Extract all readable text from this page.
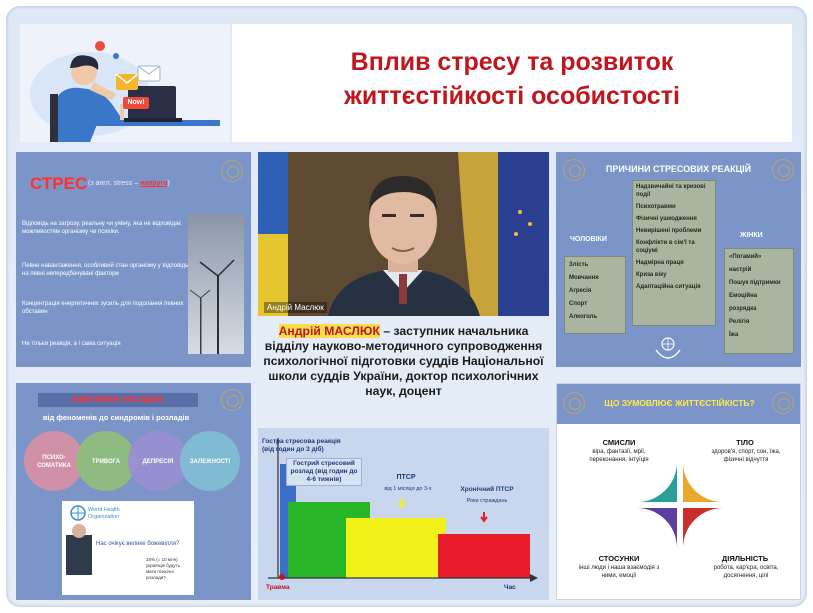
Now!
Вплив стресу та розвиток
життєстійкості особистості
СТРЕС (з англ. stress – напруга)
Відповідь на загрозу, реальну чи уявну, яка не відповідає можливостям організму чи психіки.
Певне навантаження, особливий стан організму у відповідь на певні непередбачувані фактори
Концентрація енергетичних зусиль для подолання певних обставин
Не тільки реакція, а і сама ситуація
Андрій Маслюк

Андрій МАСЛЮК – заступник начальника відділу науково-методичного супроводження психологічної підготовки суддів Національної школи суддів України, доктор психологічних наук, доцент

ПРИЧИНИ СТРЕСОВИХ РЕАКЦІЙ
Надзвичайні та кризові події
Психотравми
Фізичні ушкодження
Невирішені проблеми
Конфлікти в сім'ї та соціумі
Надмірна праця
Криза віку
Адаптаційна ситуація
ЧОЛОВІКИ
Злість
Мовчання
Агресія
Спорт
Алкоголь
ЖІНКИ
«Погамий»
настрій
Пошук підтримки
Емоційна
розрядка
Релігія
Їжа
АФЕКТИВНІ НАСЛІДКИ:
від феноменів до синдромів і розладів
ПСИХО-
СОМАТИКА
ТРИВОГА	ДЕПРЕСІЯ	ЗАЛЕЖНОСТІ
World Health
Organization
Нас очікує велике божевілля?
25% (= 10 млн) українців будуть мати психічні розлади?
Гостра стресова реакція (від годин до 3 діб)
Гострий стресовий розлад (від годин до 4-6 тижнів)	ПТСР
від 1 місяця до 3-х	Хронічний ПТСР
Роки страждань
Травма	Час
ЩО ЗУМОВЛЮЄ ЖИТТЄСТІЙКІСТЬ?
СМИСЛИ
віра, фантазії, мрії, переконання, інтуїція
ТІЛО
здоров'я, спорт, сон, їжа, фізичні відчуття
СТОСУНКИ
інші люди і наша взаємодія з ними, емоції
ДІЯЛЬНІСТЬ
робота, кар'єра, освіта, досягнення, цілі
